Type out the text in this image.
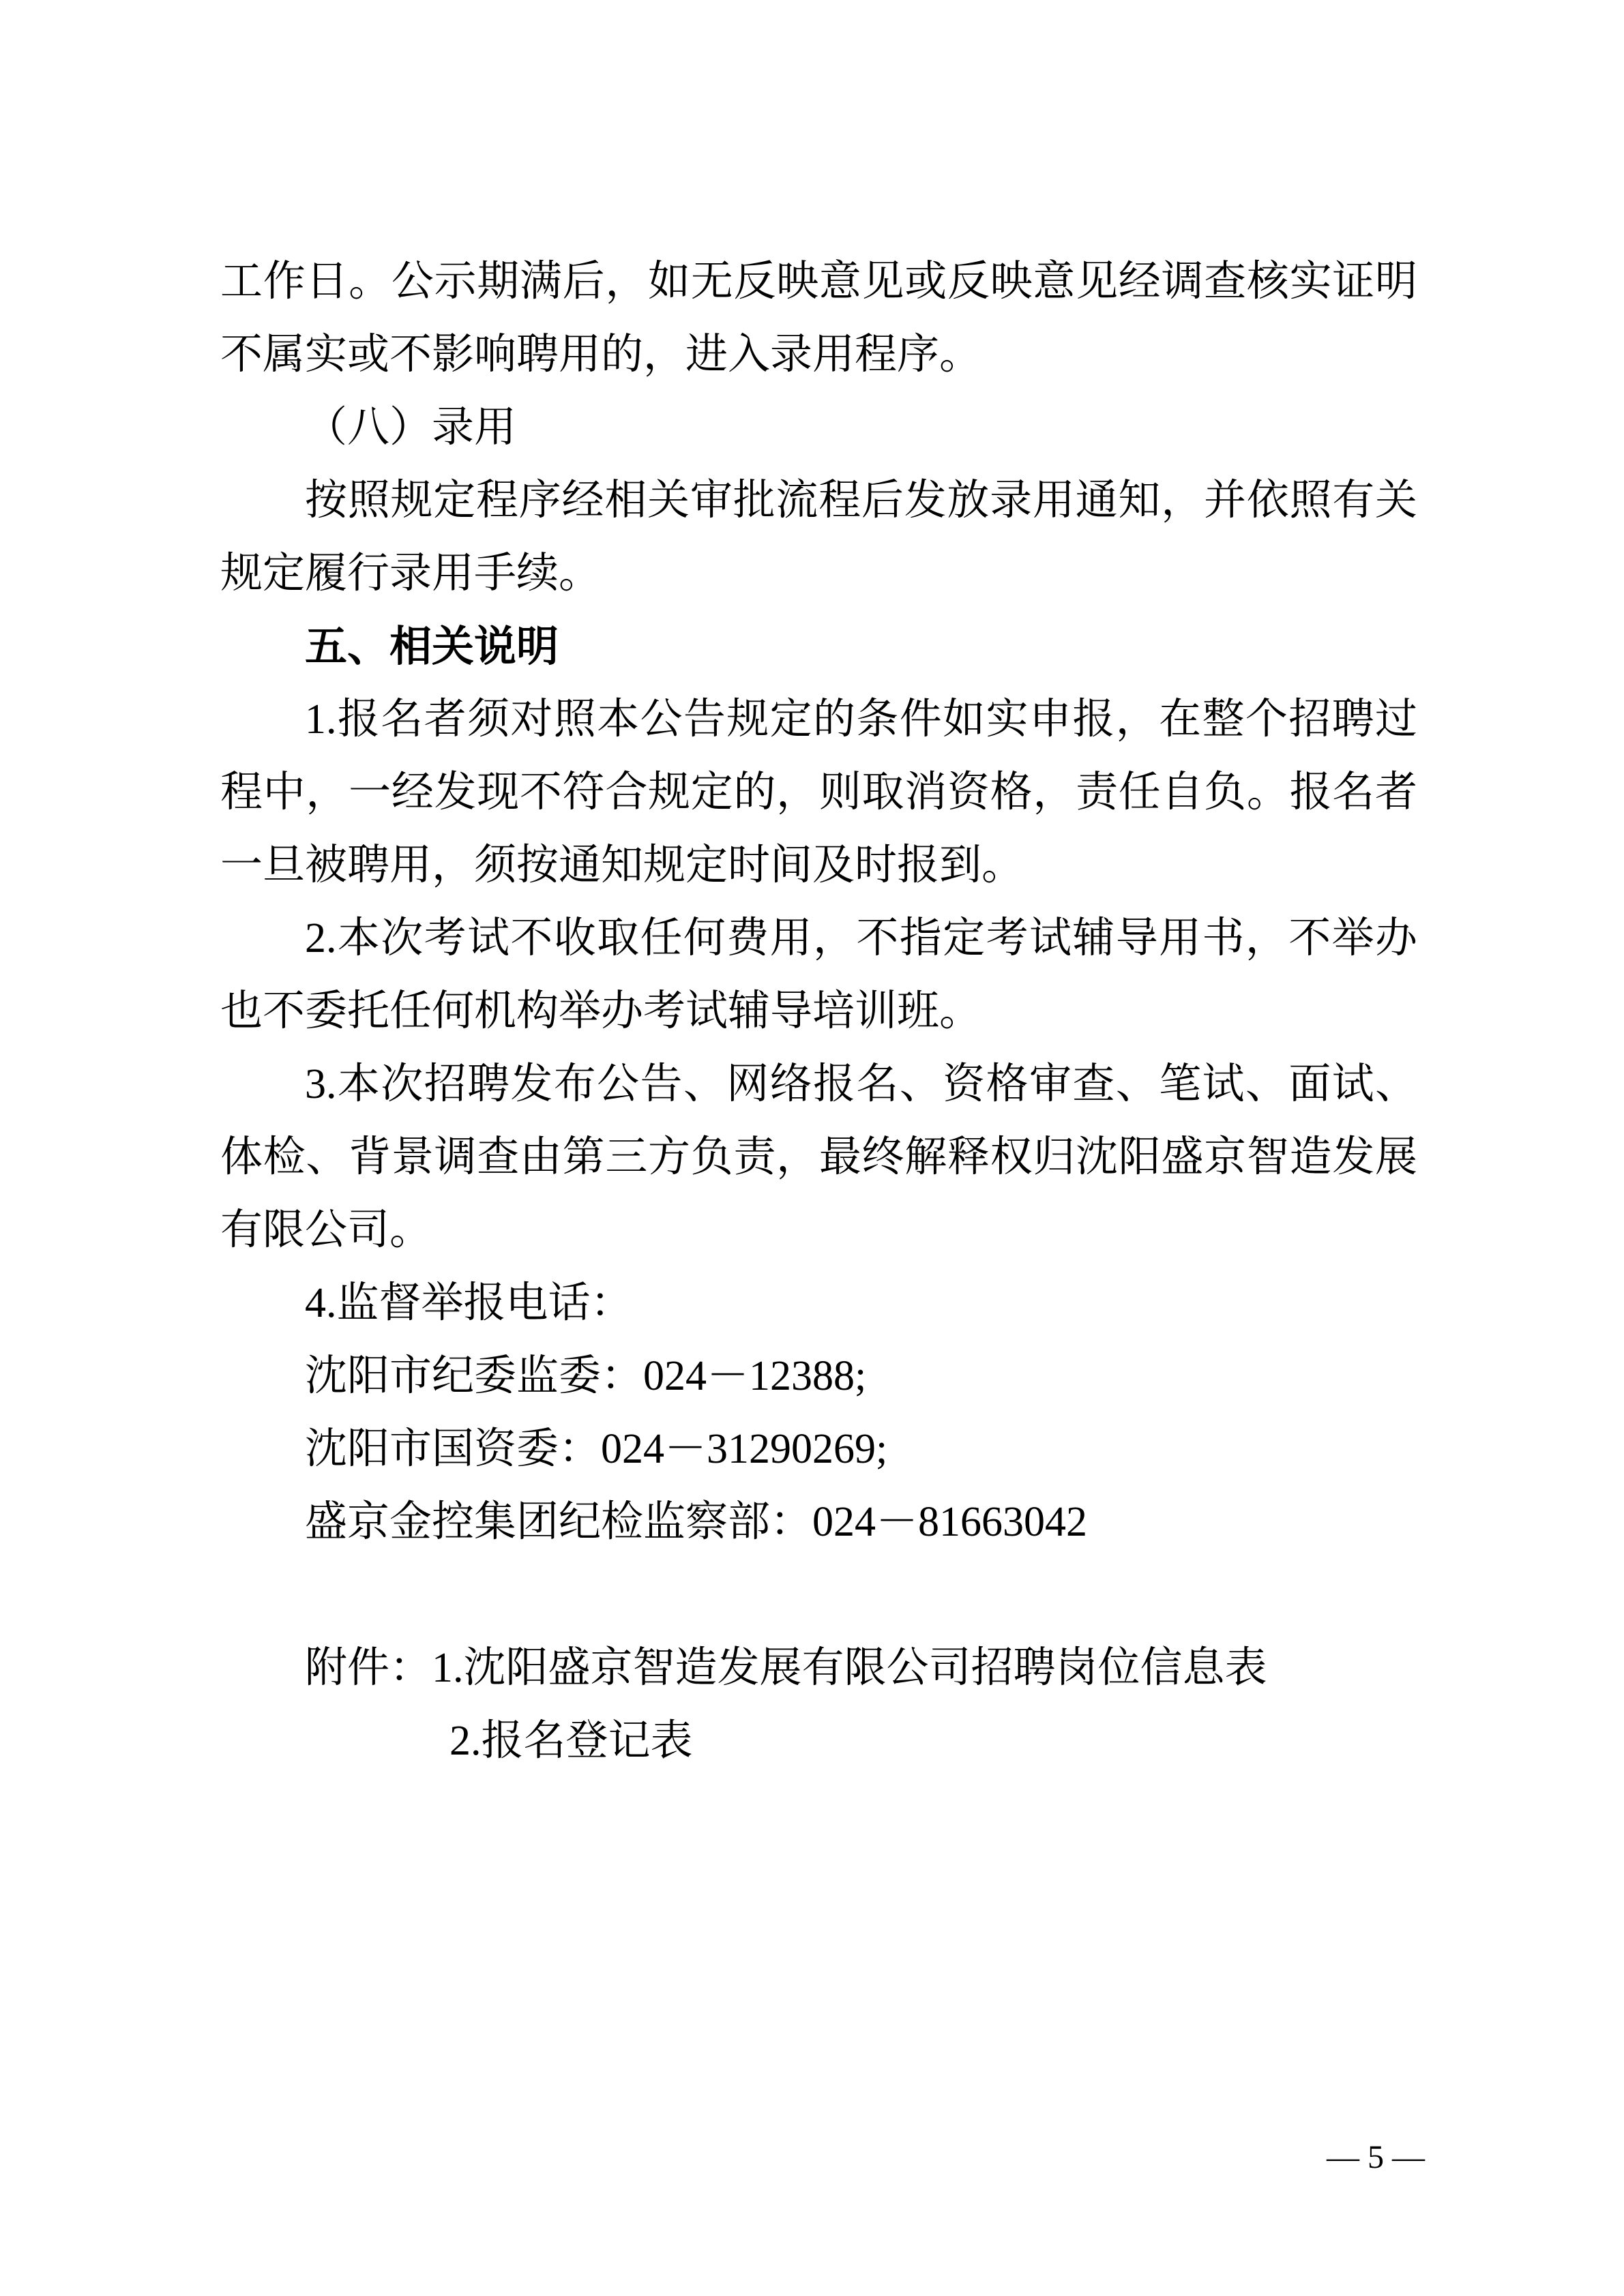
工作日。公示期满后，如无反映意见或反映意见经调查核实证明

不属实或不影响聘用的，进入录用程序。

（八）录用

按照规定程序经相关审批流程后发放录用通知，并依照有关

规定履行录用手续。

五、相关说明

1.报名者须对照本公告规定的条件如实申报，在整个招聘过

程中，一经发现不符合规定的，则取消资格，责任自负。报名者

一旦被聘用，须按通知规定时间及时报到。

2.本次考试不收取任何费用，不指定考试辅导用书，不举办

也不委托任何机构举办考试辅导培训班。

3.本次招聘发布公告、网络报名、资格审查、笔试、面试、

体检、背景调查由第三方负责，最终解释权归沈阳盛京智造发展

有限公司。

4.监督举报电话：

沈阳市纪委监委：024－12388;

沈阳市国资委：024－31290269;

盛京金控集团纪检监察部：024－81663042

附件：1.沈阳盛京智造发展有限公司招聘岗位信息表

2.报名登记表

— 5 —
